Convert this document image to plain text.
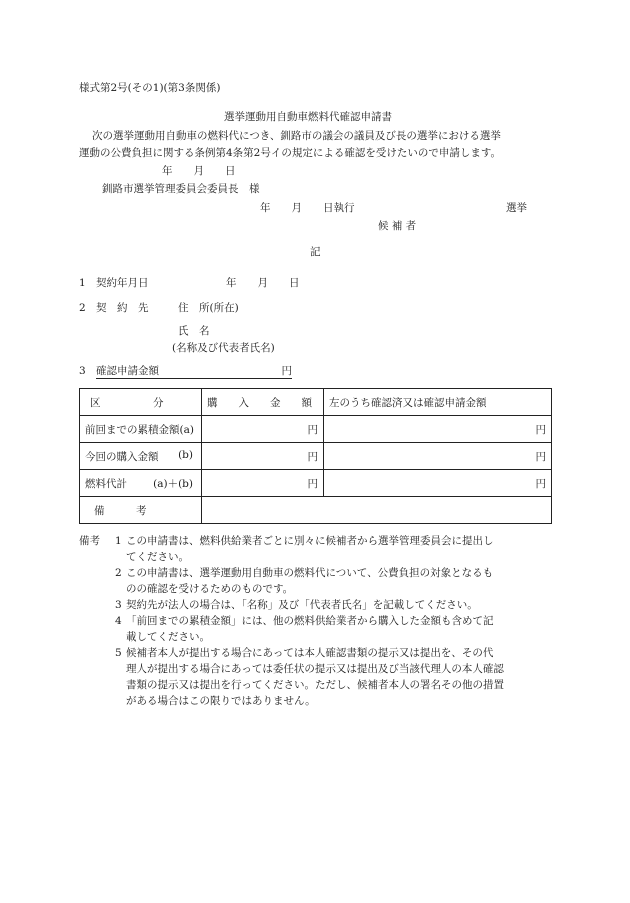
様式第2号(その1)(第3条関係)
選挙運動用自動車燃料代確認申請書
次の選挙運動用自動車の燃料代につき、釧路市の議会の議員及び長の選挙における選挙
運動の公費負担に関する条例第4条第2号イの規定による確認を受けたいので申請します。
年　　月　　日
釧路市選挙管理委員会委員長　様
年　　月　　日執行	選挙
候 補 者
記
1 契約年月日	年　　月　　日
2 契　約　先	住　所(所在)
氏　名
(名称及び代表者氏名)
3 確認申請金額	円
区　　　　　分	購　　入　　金　　額	左のうち確認済又は確認申請金額
前回までの累積金額(a)	円	円
今回の購入金額 (b)	円	円
燃料代計 (a)＋(b)	円	円
備　　　考		
備考 1 この申請書は、燃料供給業者ごとに別々に候補者から選挙管理委員会に提出し
てください。
2 この申請書は、選挙運動用自動車の燃料代について、公費負担の対象となるも
のの確認を受けるためのものです。
3 契約先が法人の場合は、「名称」及び「代表者氏名」を記載してください。
4 「前回までの累積金額」には、他の燃料供給業者から購入した金額も含めて記
載してください。
5 候補者本人が提出する場合にあっては本人確認書類の提示又は提出を、その代
理人が提出する場合にあっては委任状の提示又は提出及び当該代理人の本人確認
書類の提示又は提出を行ってください。ただし、候補者本人の署名その他の措置
がある場合はこの限りではありません。
